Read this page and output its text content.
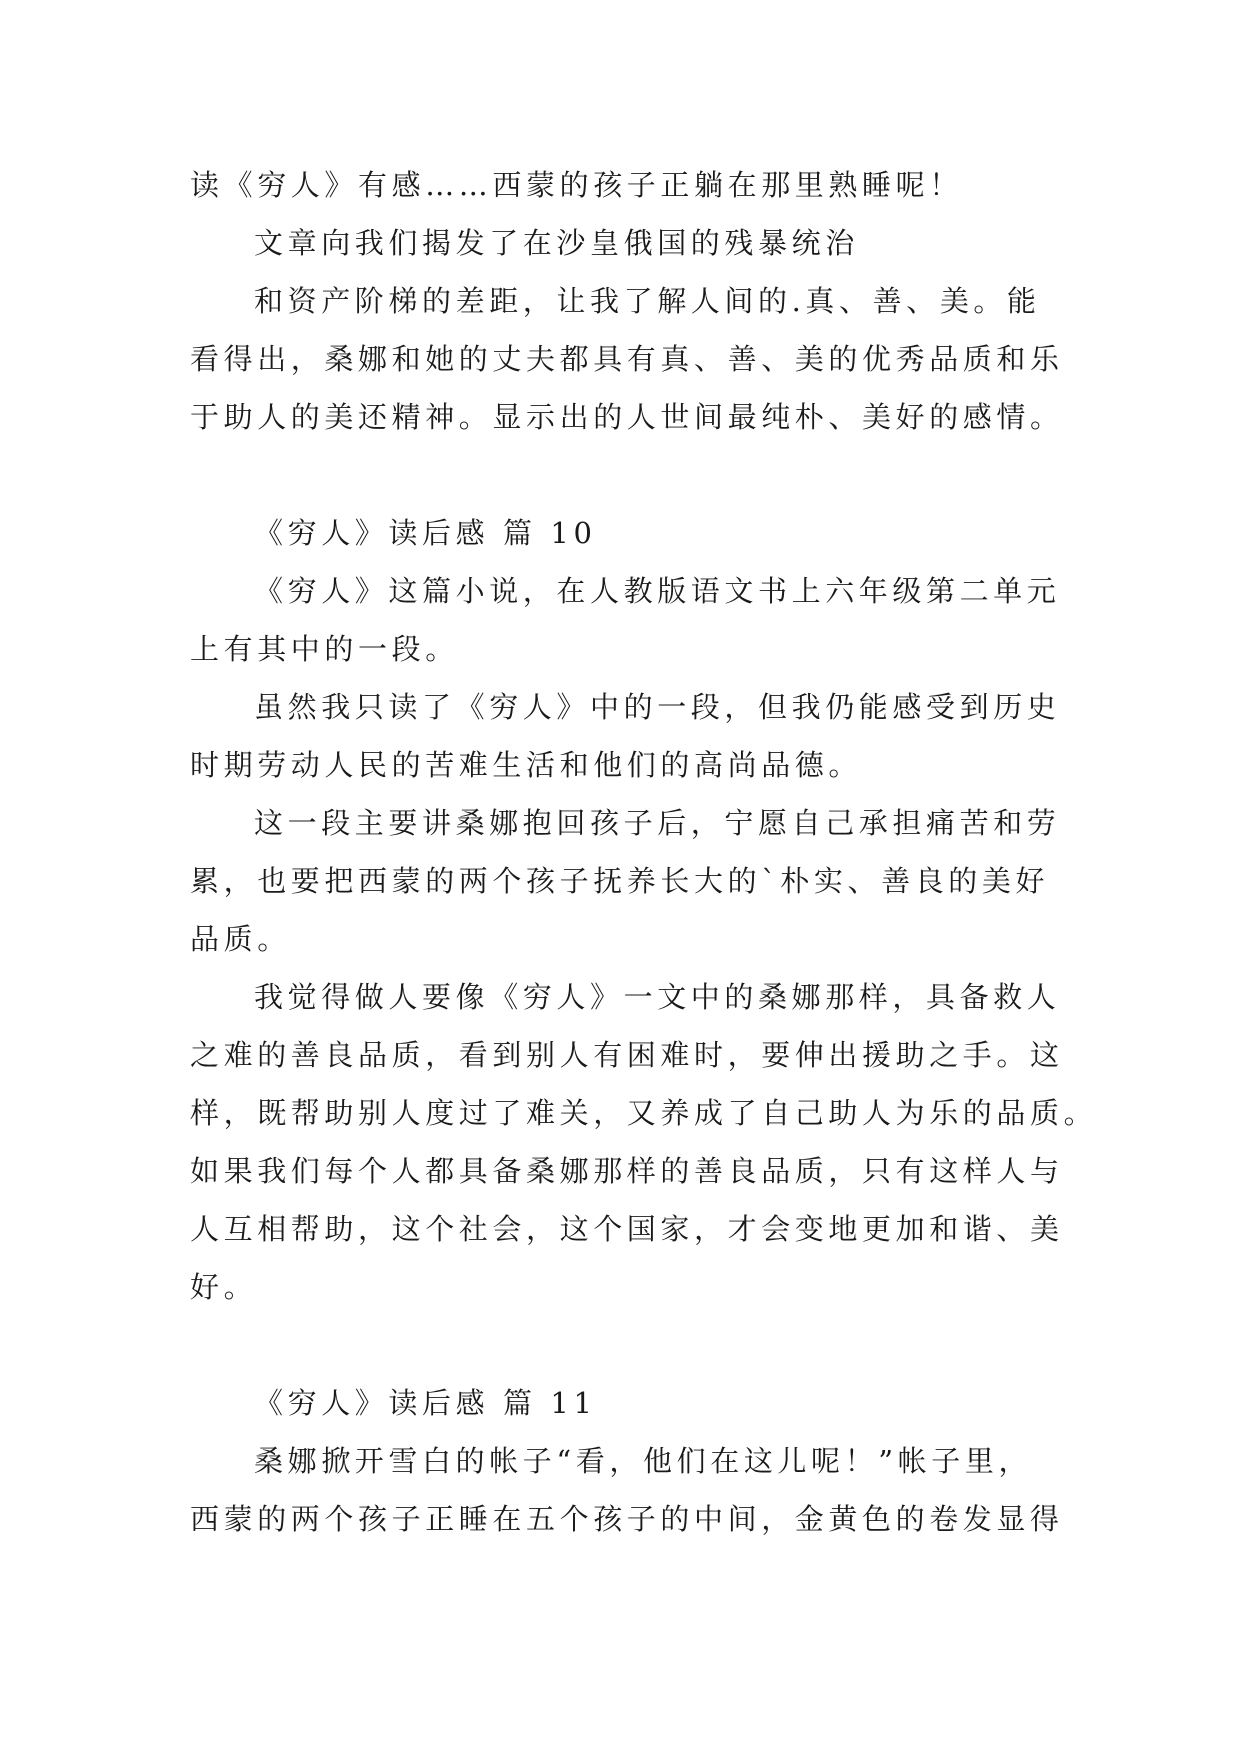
读《穷人》有感……西蒙的孩子正躺在那里熟睡呢！
文章向我们揭发了在沙皇俄国的残暴统治
和资产阶梯的差距，让我了解人间的.真、善、美。能
看得出，桑娜和她的丈夫都具有真、善、美的优秀品质和乐
于助人的美还精神。显示出的人世间最纯朴、美好的感情。
《穷人》读后感 篇 10
《穷人》这篇小说，在人教版语文书上六年级第二单元
上有其中的一段。
虽然我只读了《穷人》中的一段，但我仍能感受到历史
时期劳动人民的苦难生活和他们的高尚品德。
这一段主要讲桑娜抱回孩子后，宁愿自己承担痛苦和劳
累，也要把西蒙的两个孩子抚养长大的`朴实、善良的美好
品质。
我觉得做人要像《穷人》一文中的桑娜那样，具备救人
之难的善良品质，看到别人有困难时，要伸出援助之手。这
样，既帮助别人度过了难关，又养成了自己助人为乐的品质。
如果我们每个人都具备桑娜那样的善良品质，只有这样人与
人互相帮助，这个社会，这个国家，才会变地更加和谐、美
好。
《穷人》读后感 篇 11
桑娜掀开雪白的帐子“看，他们在这儿呢！”帐子里，
西蒙的两个孩子正睡在五个孩子的中间，金黄色的卷发显得
